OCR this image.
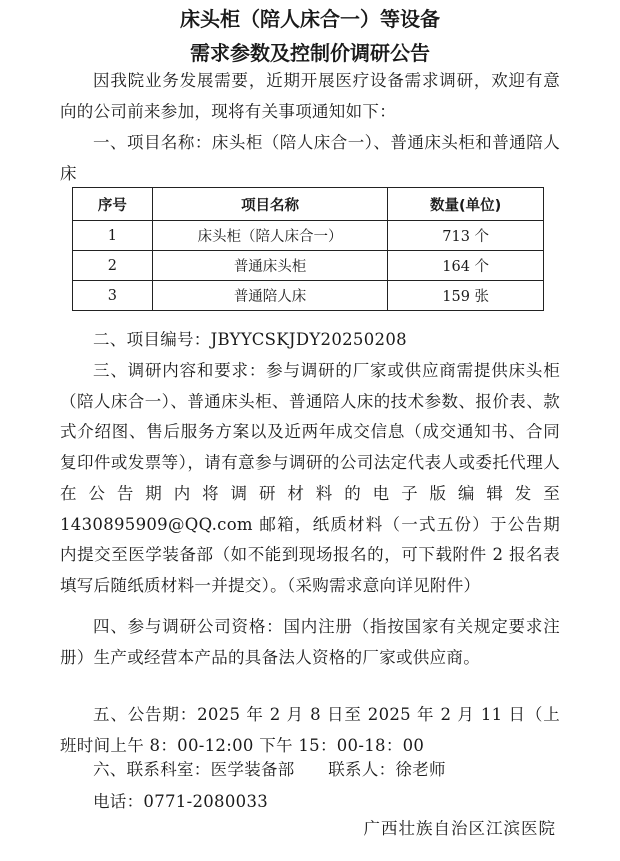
床头柜（陪人床合一）等设备
需求参数及控制价调研公告
因我院业务发展需要，近期开展医疗设备需求调研，欢迎有意向的公司前来参加，现将有关事项通知如下：
一、项目名称：床头柜（陪人床合一）、普通床头柜和普通陪人床
序号	项目名称	数量(单位)
1	床头柜（陪人床合一）	713 个
2	普通床头柜	164 个
3	普通陪人床	159 张
二、项目编号：JBYYCSKJDY20250208
三、调研内容和要求：参与调研的厂家或供应商需提供床头柜（陪人床合一）、普通床头柜、普通陪人床的技术参数、报价表、款式介绍图、售后服务方案以及近两年成交信息（成交通知书、合同复印件或发票等），请有意参与调研的公司法定代表人或委托代理人在公告期内将调研材料的电子版编辑发至 1430895909@QQ.com 邮箱，纸质材料（一式五份）于公告期内提交至医学装备部（如不能到现场报名的，可下载附件 2 报名表填写后随纸质材料一并提交）。（采购需求意向详见附件）
四、参与调研公司资格：国内注册（指按国家有关规定要求注册）生产或经营本产品的具备法人资格的厂家或供应商。
五、公告期：2025 年 2 月 8 日至 2025 年 2 月 11 日（上班时间上午 8：00-12:00 下午 15：00-18：00
六、联系科室：医学装备部　　联系人：徐老师
电话：0771-2080033
广西壮族自治区江滨医院
